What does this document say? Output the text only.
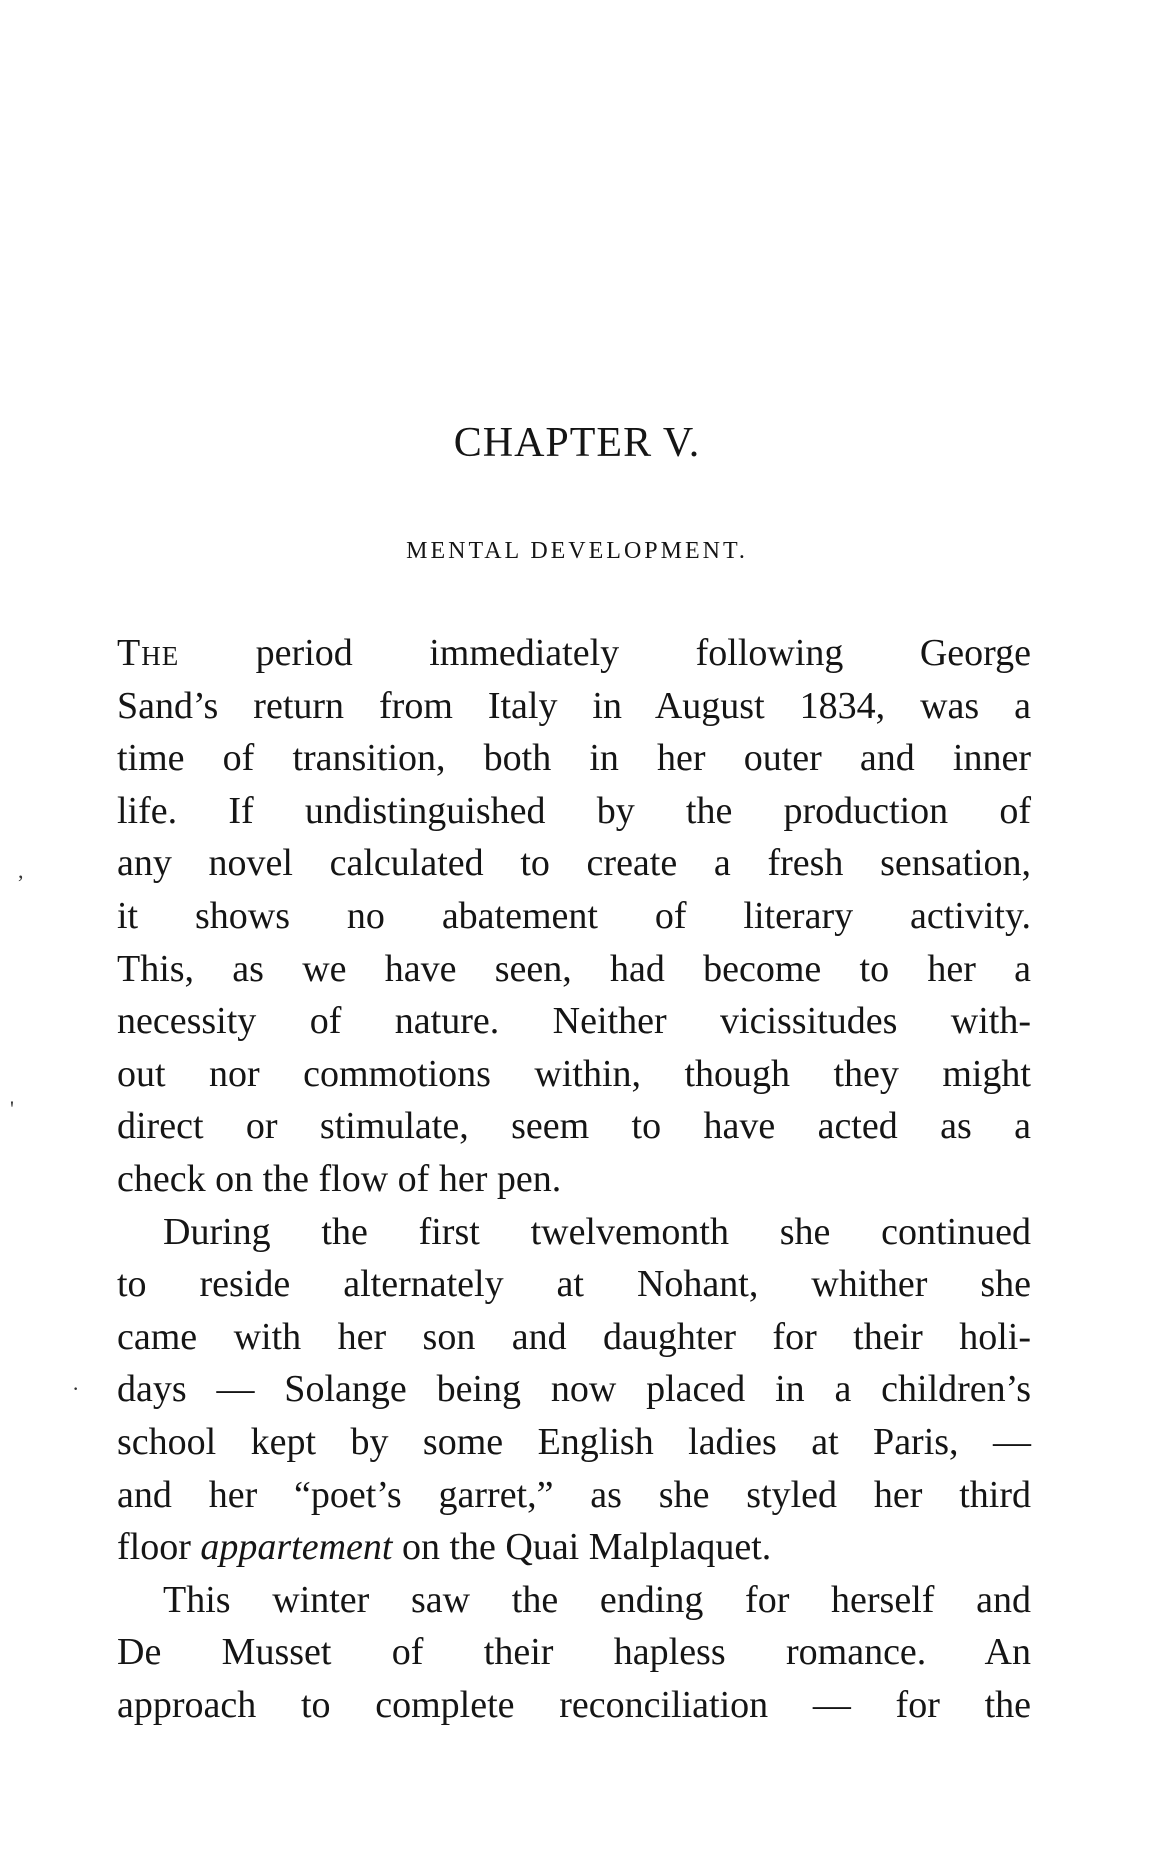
CHAPTER V.
MENTAL DEVELOPMENT.
,
'
·
The period immediately following George
Sand’s return from Italy in August 1834, was a
time of transition, both in her outer and inner
life. If undistinguished by the production of
any novel calculated to create a fresh sensation,
it shows no abatement of literary activity.
This, as we have seen, had become to her a
necessity of nature. Neither vicissitudes with-
out nor commotions within, though they might
direct or stimulate, seem to have acted as a
check on the flow of her pen.
During the first twelvemonth she continued
to reside alternately at Nohant, whither she
came with her son and daughter for their holi-
days — Solange being now placed in a children’s
school kept by some English ladies at Paris, —
and her “poet’s garret,” as she styled her third
floor appartement on the Quai Malplaquet.
This winter saw the ending for herself and
De Musset of their hapless romance. An
approach to complete reconciliation — for the
